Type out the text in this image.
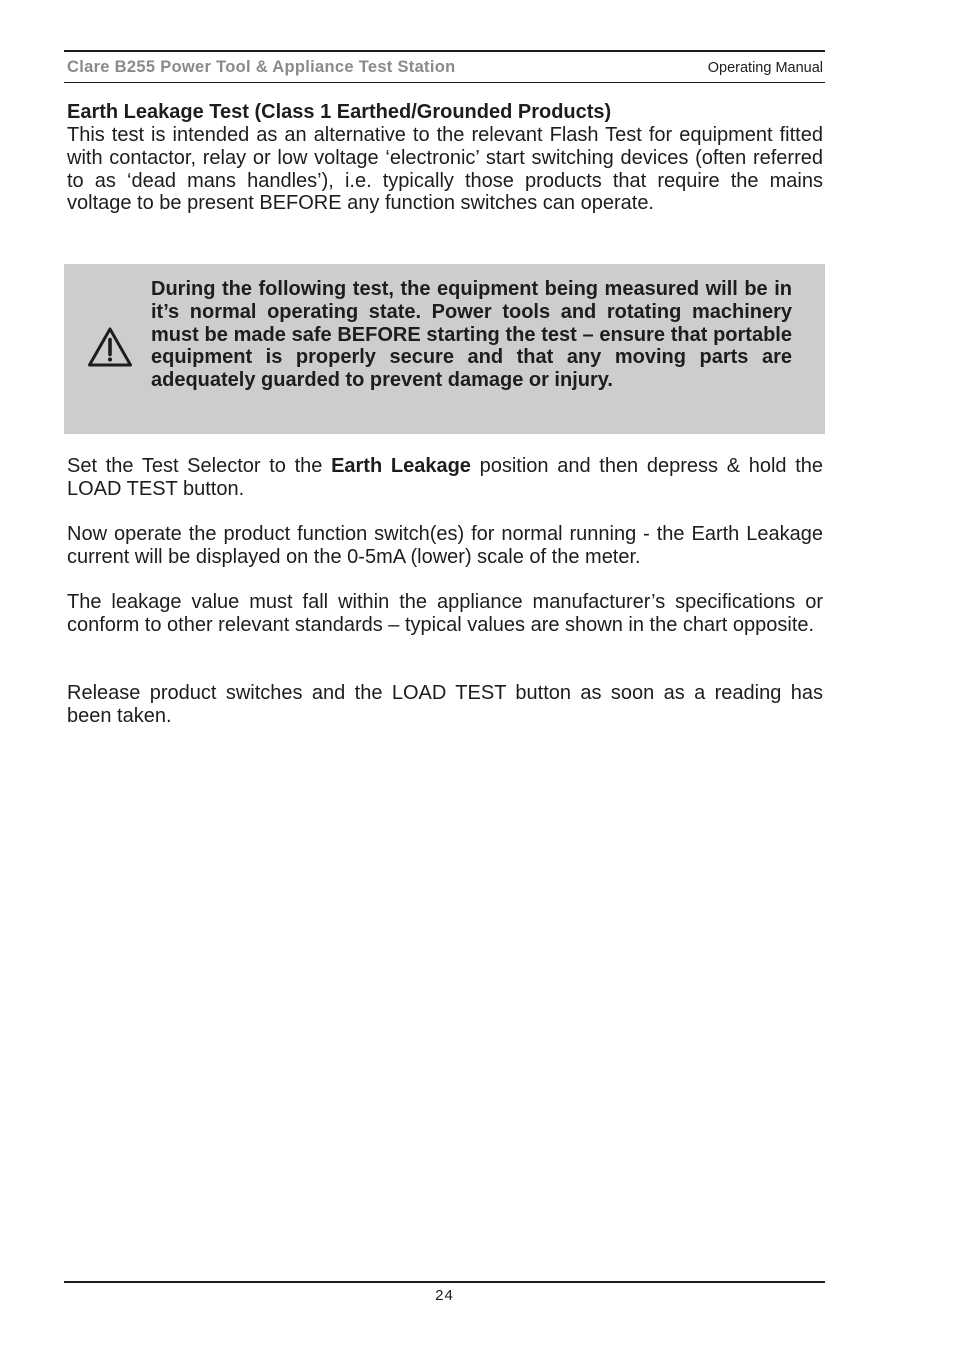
Clare B255 Power Tool & Appliance Test Station	Operating Manual

Earth Leakage Test (Class 1 Earthed/Grounded Products)

This test is intended as an alternative to the relevant Flash Test for equipment fitted with contactor, relay or low voltage ‘electronic’ start switching devices (often referred to as ‘dead mans handles’), i.e. typically those products that require the mains voltage to be present BEFORE any function switches can operate.

During the following test, the equipment being measured will be in it’s normal operating state. Power tools and rotating machinery must be made safe BEFORE starting the test – ensure that portable equipment is properly secure and that any moving parts are adequately guarded to prevent damage or injury.

Set the Test Selector to the Earth Leakage position and then depress & hold the LOAD TEST button.

Now operate the product function switch(es) for normal running - the Earth Leakage current will be displayed on the 0-5mA (lower) scale of the meter.

The leakage value must fall within the appliance manufacturer’s specifications or conform to other relevant standards – typical values are shown in the chart opposite.

Release product switches and the LOAD TEST button as soon as a reading has been taken.

24
